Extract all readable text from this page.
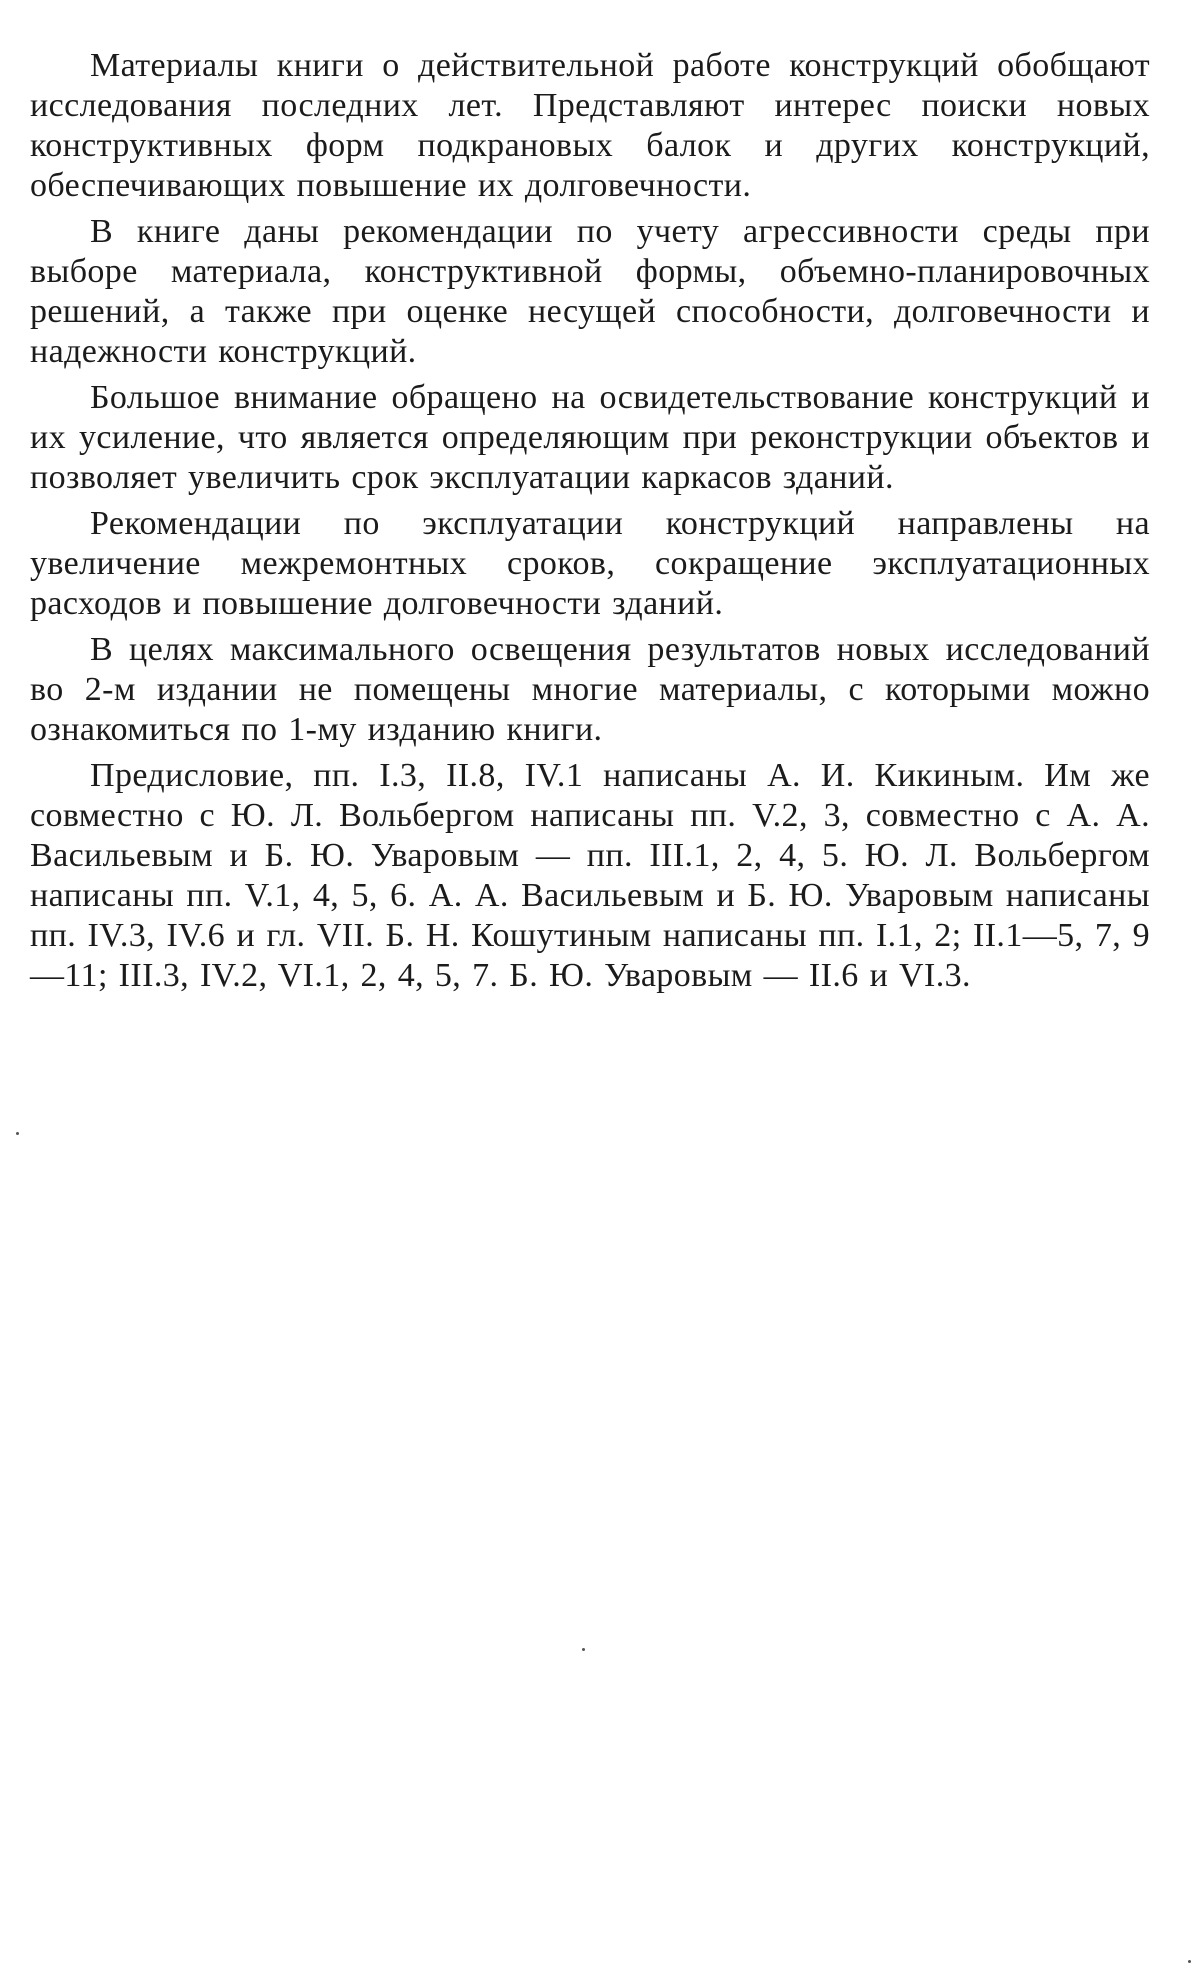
Материалы книги о действительной работе конструкций обобщают исследования последних лет. Представляют интерес поиски новых конструктивных форм подкрановых балок и других конструкций, обеспечивающих повышение их долговечности.

В книге даны рекомендации по учету агрессивности среды при выборе материала, конструктивной формы, объемно-планировочных решений, а также при оценке несущей способности, долговечности и надежности конструкций.

Большое внимание обращено на освидетельствование конструкций и их усиление, что является определяющим при реконструкции объектов и позволяет увеличить срок эксплуатации каркасов зданий.

Рекомендации по эксплуатации конструкций направлены на увеличение межремонтных сроков, сокращение эксплуатационных расходов и повышение долговечности зданий.

В целях максимального освещения результатов новых исследований во 2-м издании не помещены многие материалы, с которыми можно ознакомиться по 1-му изданию книги.

Предисловие, пп. I.3, II.8, IV.1 написаны А. И. Кикиным. Им же совместно с Ю. Л. Вольбергом написаны пп. V.2, 3, совместно с А. А. Васильевым и Б. Ю. Уваровым — пп. III.1, 2, 4, 5. Ю. Л. Вольбергом написаны пп. V.1, 4, 5, 6. А. А. Васильевым и Б. Ю. Уваровым написаны пп. IV.3, IV.6 и гл. VII. Б. Н. Кошутиным написаны пп. I.1, 2; II.1—5, 7, 9—11; III.3, IV.2, VI.1, 2, 4, 5, 7. Б. Ю. Уваровым — II.6 и VI.3.
